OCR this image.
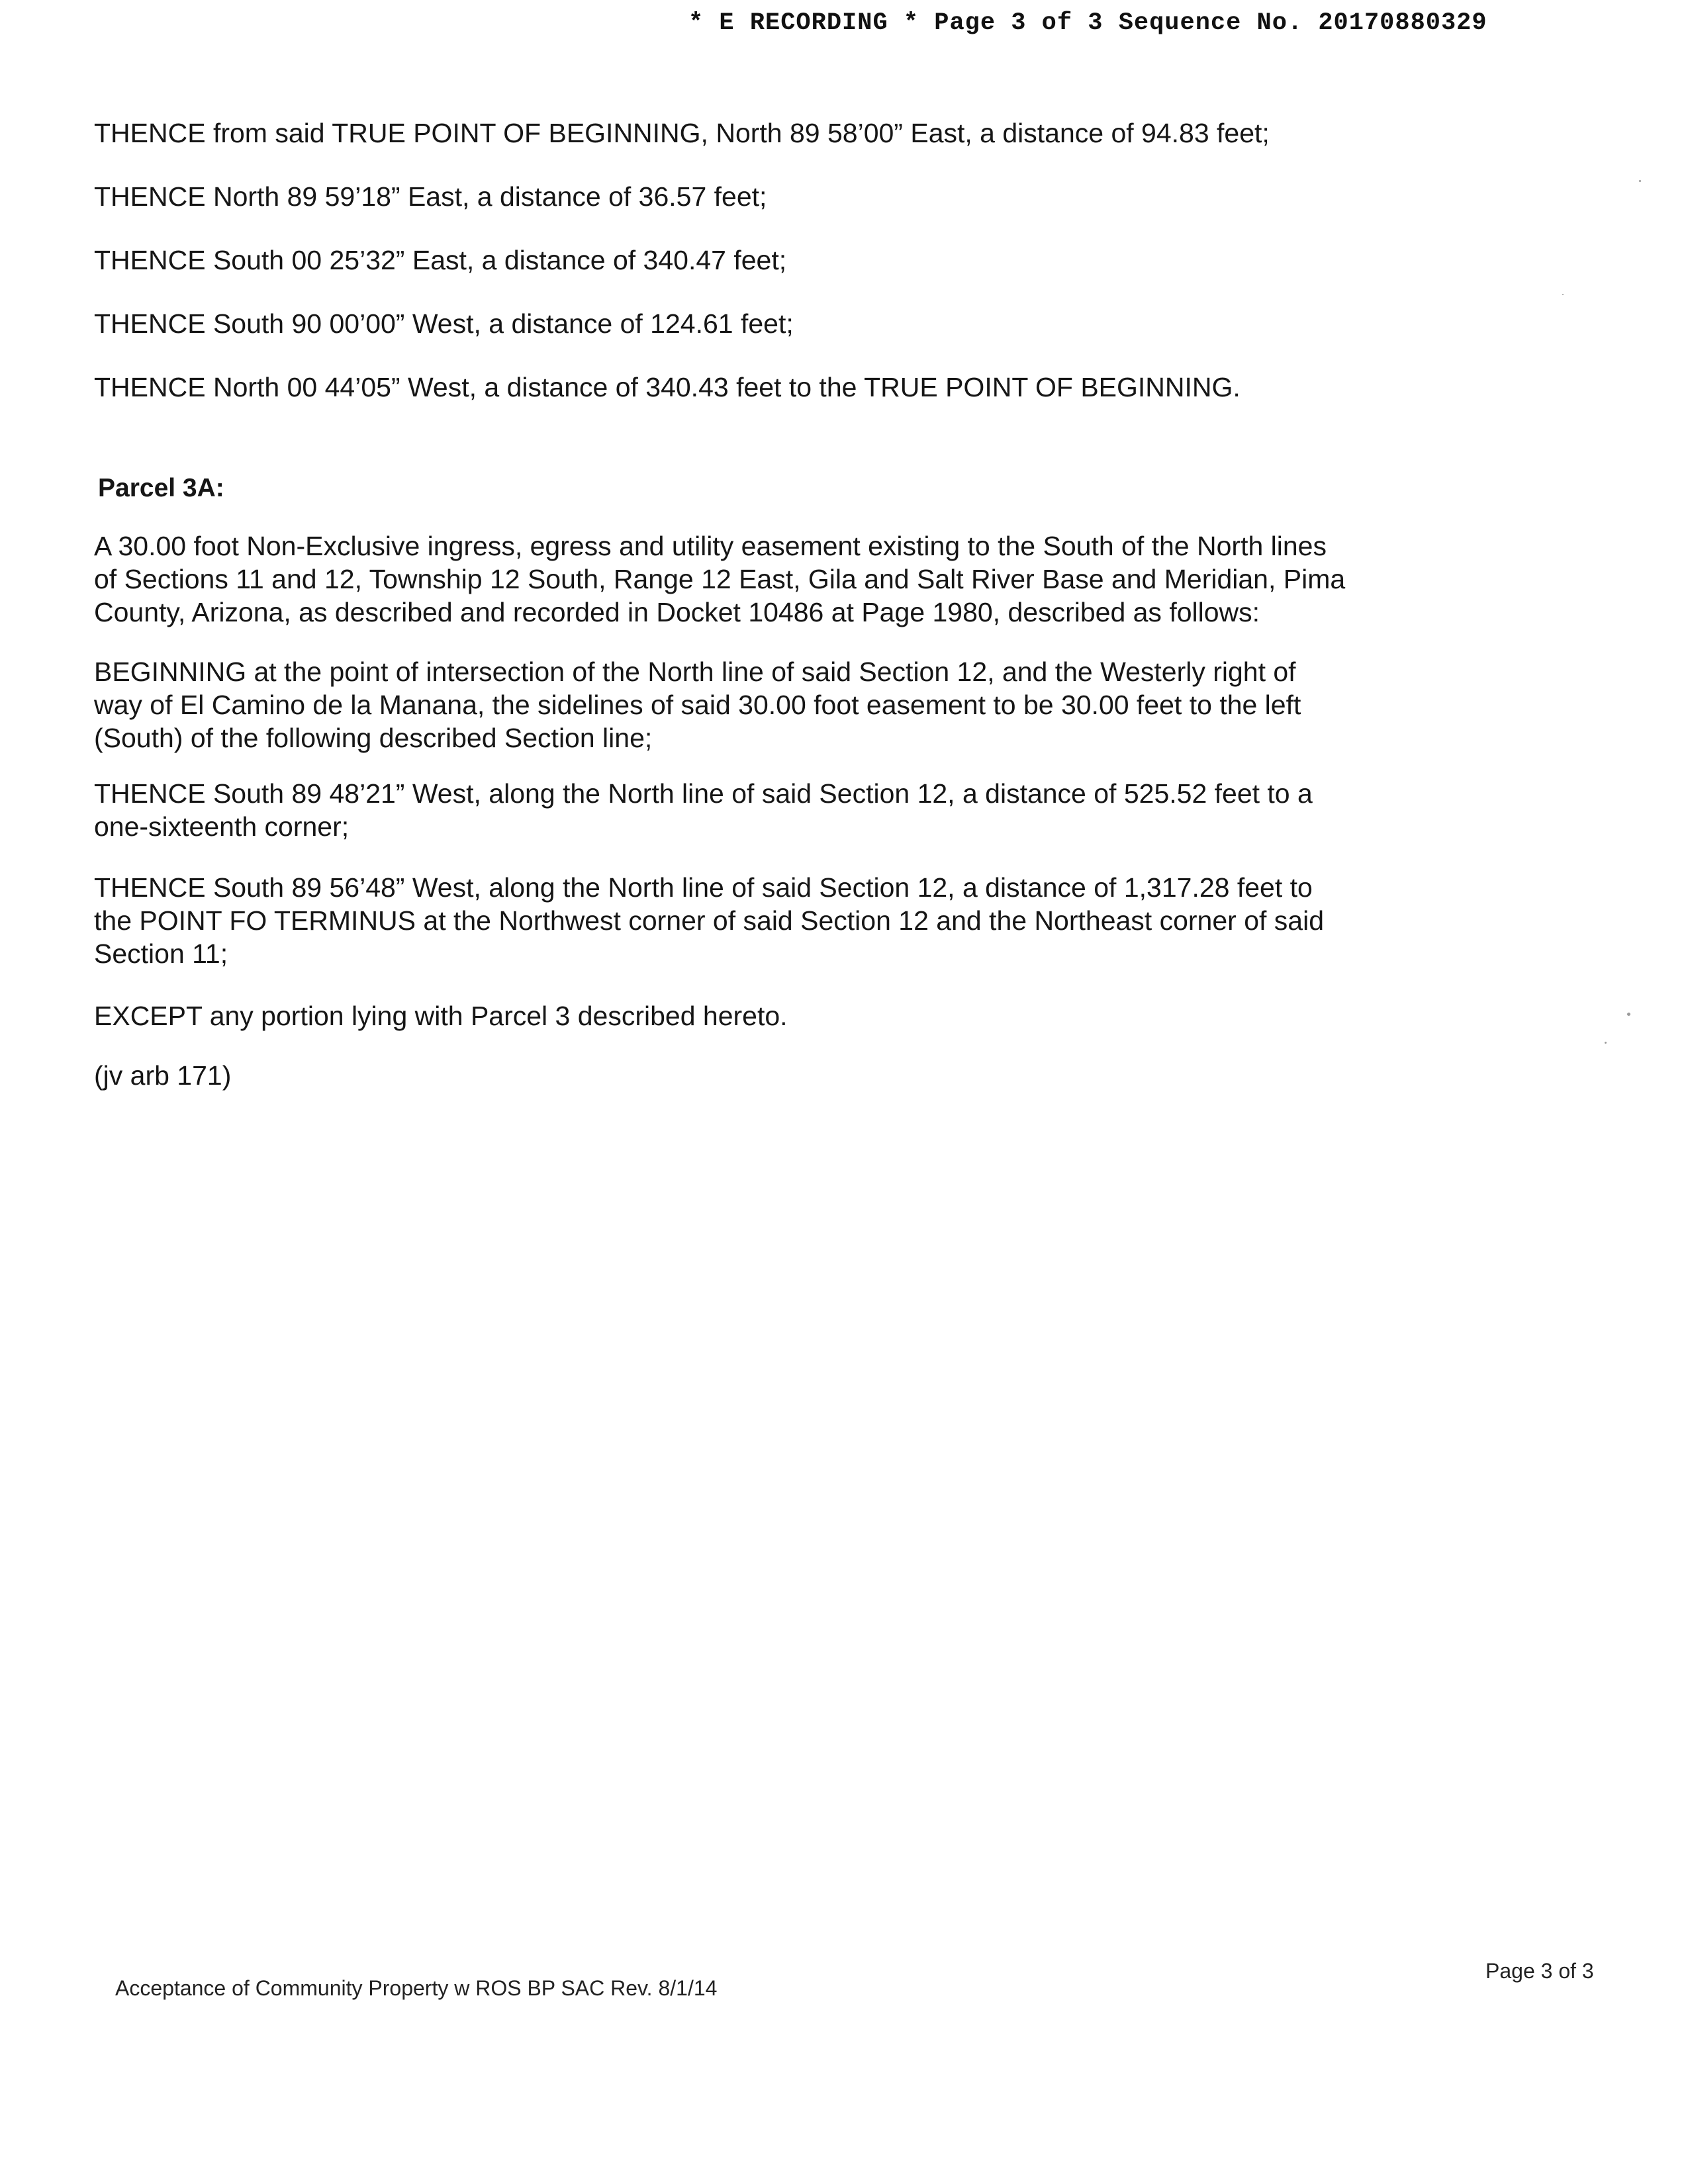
* E RECORDING * Page 3 of 3 Sequence No. 20170880329
THENCE from said TRUE POINT OF BEGINNING, North 89 58’00” East, a distance of 94.83 feet;
THENCE North 89 59’18” East, a distance of 36.57 feet;
THENCE South 00 25’32” East, a distance of 340.47 feet;
THENCE South 90 00’00” West, a distance of 124.61 feet;
THENCE North 00 44’05” West, a distance of 340.43 feet to the TRUE POINT OF BEGINNING.
Parcel 3A:
A 30.00 foot Non-Exclusive ingress, egress and utility easement existing to the South of the North lines
of Sections 11 and 12, Township 12 South, Range 12 East, Gila and Salt River Base and Meridian, Pima
County, Arizona, as described and recorded in Docket 10486 at Page 1980, described as follows:
BEGINNING at the point of intersection of the North line of said Section 12, and the Westerly right of
way of El Camino de la Manana, the sidelines of said 30.00 foot easement to be 30.00 feet to the left
(South) of the following described Section line;
THENCE South 89 48’21” West, along the North line of said Section 12, a distance of 525.52 feet to a
one-sixteenth corner;
THENCE South 89 56’48” West, along the North line of said Section 12, a distance of 1,317.28 feet to
the POINT FO TERMINUS at the Northwest corner of said Section 12 and the Northeast corner of said
Section 11;
EXCEPT any portion lying with Parcel 3 described hereto.
(jv arb 171)
Acceptance of Community Property w ROS BP SAC Rev. 8/1/14
Page 3 of 3
